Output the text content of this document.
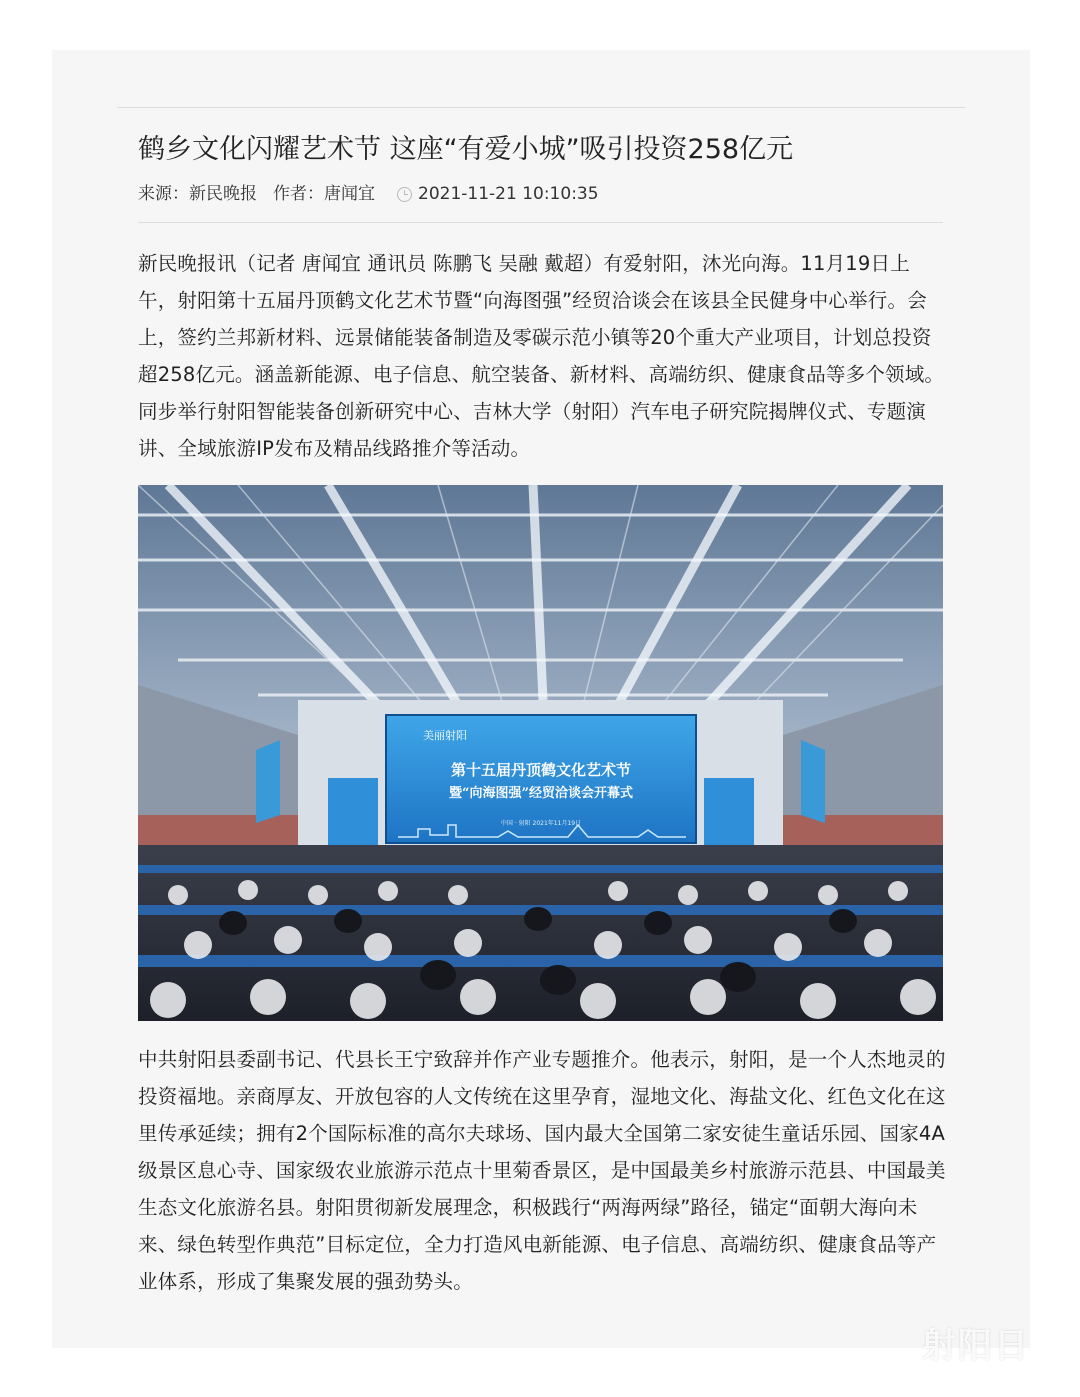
鹤乡文化闪耀艺术节 这座“有爱小城”吸引投资258亿元
来源：新民晚报 作者：唐闻宜	2021-11-21 10:10:35

新民晚报讯（记者 唐闻宜 通讯员 陈鹏飞 吴融 戴超）有爱射阳，沐光向海。11月19日上午，射阳第十五届丹顶鹤文化艺术节暨“向海图强”经贸洽谈会在该县全民健身中心举行。会上，签约兰邦新材料、远景储能装备制造及零碳示范小镇等20个重大产业项目，计划总投资超258亿元。涵盖新能源、电子信息、航空装备、新材料、高端纺织、健康食品等多个领域。同步举行射阳智能装备创新研究中心、吉林大学（射阳）汽车电子研究院揭牌仪式、专题演讲、全域旅游IP发布及精品线路推介等活动。

美丽射阳
第十五届丹顶鹤文化艺术节
暨“向海图强”经贸洽谈会开幕式
中国 · 射阳 2021年11月19日

中共射阳县委副书记、代县长王宁致辞并作产业专题推介。他表示，射阳，是一个人杰地灵的投资福地。亲商厚友、开放包容的人文传统在这里孕育，湿地文化、海盐文化、红色文化在这里传承延续；拥有2个国际标准的高尔夫球场、国内最大全国第二家安徒生童话乐园、国家4A级景区息心寺、国家级农业旅游示范点十里菊香景区，是中国最美乡村旅游示范县、中国最美生态文化旅游名县。射阳贯彻新发展理念，积极践行“两海两绿”路径，锚定“面朝大海向未来、绿色转型作典范”目标定位，全力打造风电新能源、电子信息、高端纺织、健康食品等产业体系，形成了集聚发展的强劲势头。

射阳日
